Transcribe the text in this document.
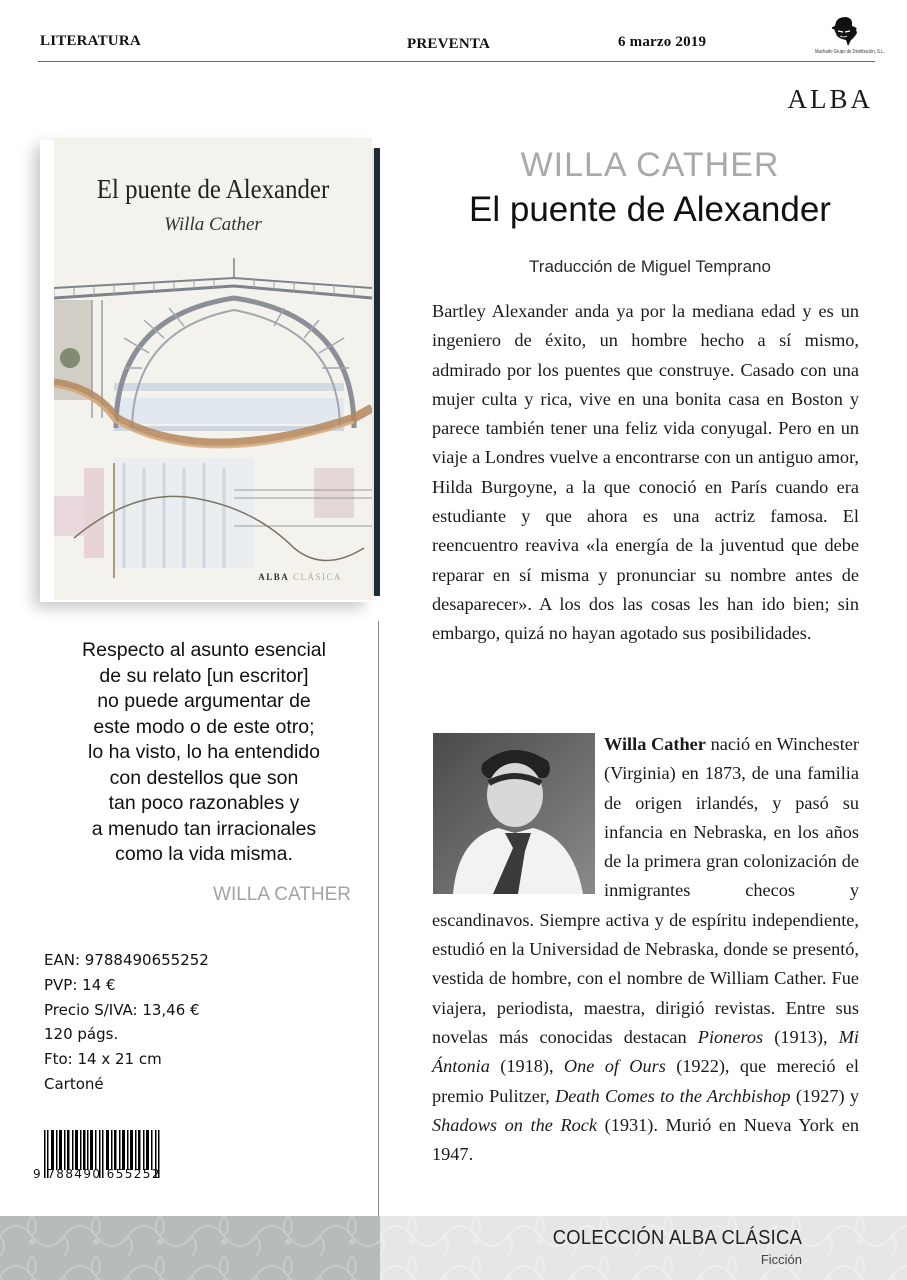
LITERATURA	PREVENTA	6 marzo 2019
Machado Grupo de Distribución, S.L.
ALBA
El puente de Alexander
Willa Cather
ALBA CLÁSICA
WILLA CATHER
El puente de Alexander
Traducción de Miguel Temprano
Bartley Alexander anda ya por la mediana edad y es un ingeniero de éxito, un hombre hecho a sí mismo, admirado por los puentes que construye. Casado con una mujer culta y rica, vive en una bonita casa en Boston y parece también tener una feliz vida conyugal. Pero en un viaje a Londres vuelve a encontrarse con un antiguo amor, Hilda Burgoyne, a la que conoció en París cuando era estudiante y que ahora es una actriz famosa. El reencuentro reaviva «la energía de la juventud que debe reparar en sí misma y pronunciar su nombre antes de desaparecer». A los dos las cosas les han ido bien; sin embargo, quizá no hayan agotado sus posibilidades.
Willa Cather nació en Winchester (Virginia) en 1873, de una familia de origen irlandés, y pasó su infancia en Nebraska, en los años de la primera gran colonización de inmigrantes checos y escandinavos. Siempre activa y de espíritu independiente, estudió en la Universidad de Nebraska, donde se presentó, vestida de hombre, con el nombre de William Cather. Fue viajera, periodista, maestra, dirigió revistas. Entre sus novelas más conocidas destacan Pioneros (1913), Mi Ántonia (1918), One of Ours (1922), que mereció el premio Pulitzer, Death Comes to the Archbishop (1927) y Shadows on the Rock (1931). Murió en Nueva York en 1947.
Respecto al asunto esencial
de su relato [un escritor]
no puede argumentar de
este modo o de este otro;
lo ha visto, lo ha entendido
con destellos que son
tan poco razonables y
a menudo tan irracionales
como la vida misma.
WILLA CATHER
EAN: 9788490655252
PVP: 14 €
Precio S/IVA: 13,46 €
120 págs.
Fto: 14 x 21 cm
Cartoné
9 788490 655252
COLECCIÓN ALBA CLÁSICA
Ficción
